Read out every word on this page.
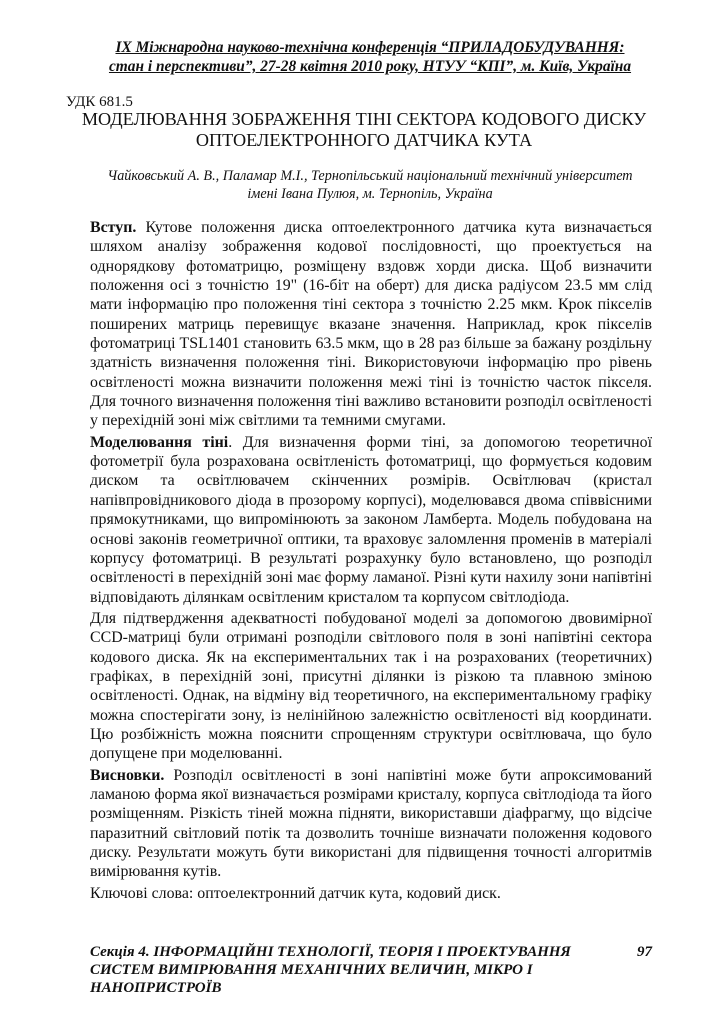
IX Міжнародна науково-технічна конференція “ПРИЛАДОБУДУВАННЯ:
стан і перспективи”, 27-28 квітня 2010 року, НТУУ “КПІ”, м. Київ, Україна
УДК 681.5
МОДЕЛЮВАННЯ ЗОБРАЖЕННЯ ТІНІ СЕКТОРА КОДОВОГО ДИСКУ
ОПТОЕЛЕКТРОННОГО ДАТЧИКА КУТА
Чайковський А. В., Паламар М.І., Тернопільський національний технічний університет
імені Івана Пулюя, м. Тернопіль, Україна

Вступ. Кутове положення диска оптоелектронного датчика кута визначається шляхом аналізу зображення кодової послідовності, що проектується на однорядкову фотоматрицю, розміщену вздовж хорди диска. Щоб визначити положення осі з точністю 19" (16-біт на оберт) для диска радіусом 23.5 мм слід мати інформацію про положення тіні сектора з точністю 2.25 мкм. Крок пікселів поширених матриць перевищує вказане значення. Наприклад, крок пікселів фотоматриці TSL1401 становить 63.5 мкм, що в 28 раз більше за бажану роздільну здатність визначення положення тіні. Використовуючи інформацію про рівень освітленості можна визначити положення межі тіні із точністю часток пікселя. Для точного визначення положення тіні важливо встановити розподіл освітленості у перехідній зоні між світлими та темними смугами.

Моделювання тіні. Для визначення форми тіні, за допомогою теоретичної фотометрії була розрахована освітленість фотоматриці, що формується кодовим диском та освітлювачем скінченних розмірів. Освітлювач (кристал напівпровідникового діода в прозорому корпусі), моделювався двома співвісними прямокутниками, що випромінюють за законом Ламберта. Модель побудована на основі законів геометричної оптики, та враховує заломлення променів в матеріалі корпусу фотоматриці. В результаті розрахунку було встановлено, що розподіл освітленості в перехідній зоні має форму ламаної. Різні кути нахилу зони напівтіні відповідають ділянкам освітленим кристалом та корпусом світлодіода.

Для підтвердження адекватності побудованої моделі за допомогою двовимірної CCD-матриці були отримані розподіли світлового поля в зоні напівтіні сектора кодового диска. Як на експериментальних так і на розрахованих (теоретичних) графіках, в перехідній зоні, присутні ділянки із різкою та плавною зміною освітленості. Однак, на відміну від теоретичного, на експериментальному графіку можна спостерігати зону, із нелінійною залежністю освітленості від координати. Цю розбіжність можна пояснити спрощенням структури освітлювача, що було допущене при моделюванні.

Висновки. Розподіл освітленості в зоні напівтіні може бути апроксимований ламаною форма якої визначається розмірами кристалу, корпуса світлодіода та його розміщенням. Різкість тіней можна підняти, використавши діафрагму, що відсіче паразитний світловий потік та дозволить точніше визначати положення кодового диску. Результати можуть бути використані для підвищення точності алгоритмів вимірювання кутів.

Ключові слова: оптоелектронний датчик кута, кодовий диск.

Секція 4. ІНФОРМАЦІЙНІ ТЕХНОЛОГІЇ, ТЕОРІЯ І ПРОЕКТУВАННЯ	97
СИСТЕМ ВИМІРЮВАННЯ МЕХАНІЧНИХ ВЕЛИЧИН, МІКРО І НАНОПРИСТРОЇВ
